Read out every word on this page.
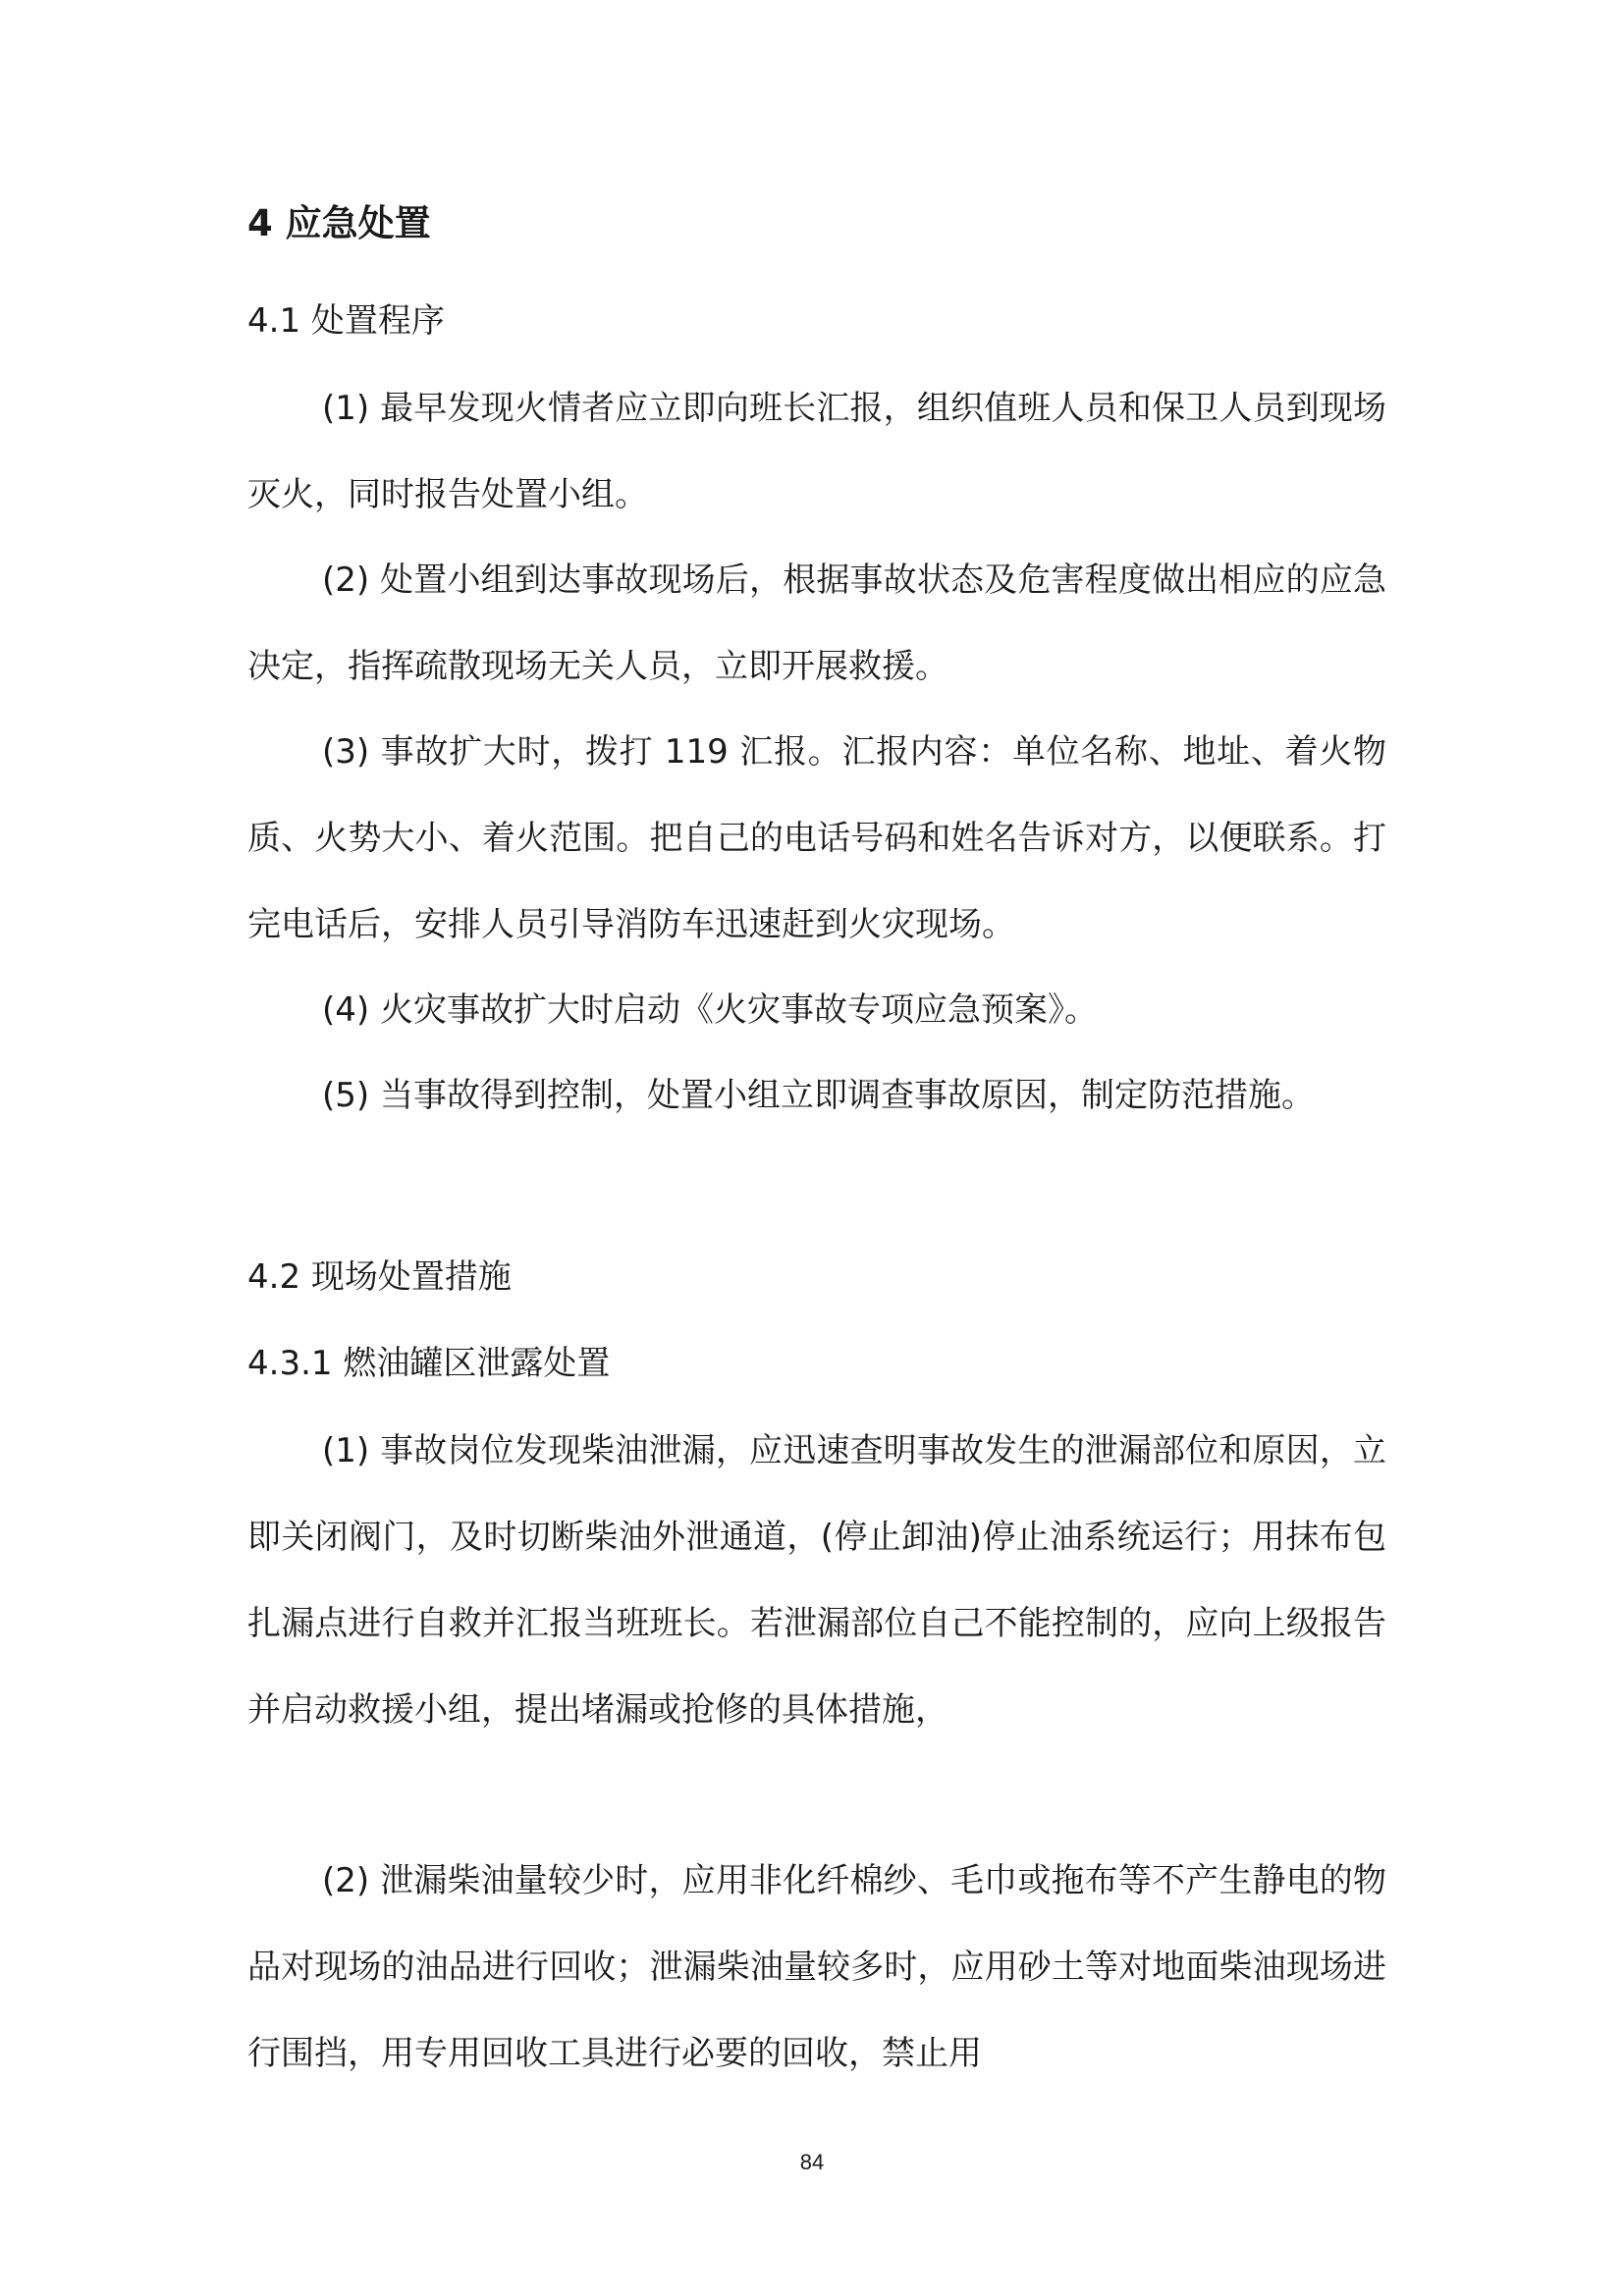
4 应急处置
4.1 处置程序

(1) 最早发现火情者应立即向班长汇报，组织值班人员和保卫人员到现场灭火，同时报告处置小组。

(2) 处置小组到达事故现场后，根据事故状态及危害程度做出相应的应急决定，指挥疏散现场无关人员，立即开展救援。

(3) 事故扩大时，拨打 119 汇报。汇报内容：单位名称、地址、着火物质、火势大小、着火范围。把自己的电话号码和姓名告诉对方，以便联系。打完电话后，安排人员引导消防车迅速赶到火灾现场。

(4) 火灾事故扩大时启动《火灾事故专项应急预案》。

(5) 当事故得到控制，处置小组立即调查事故原因，制定防范措施。

4.2 现场处置措施
4.3.1 燃油罐区泄露处置

(1) 事故岗位发现柴油泄漏，应迅速查明事故发生的泄漏部位和原因，立即关闭阀门，及时切断柴油外泄通道，(停止卸油)停止油系统运行；用抹布包扎漏点进行自救并汇报当班班长。若泄漏部位自己不能控制的，应向上级报告并启动救援小组，提出堵漏或抢修的具体措施，

(2) 泄漏柴油量较少时，应用非化纤棉纱、毛巾或拖布等不产生静电的物品对现场的油品进行回收；泄漏柴油量较多时，应用砂土等对地面柴油现场进行围挡，用专用回收工具进行必要的回收，禁止用

84
